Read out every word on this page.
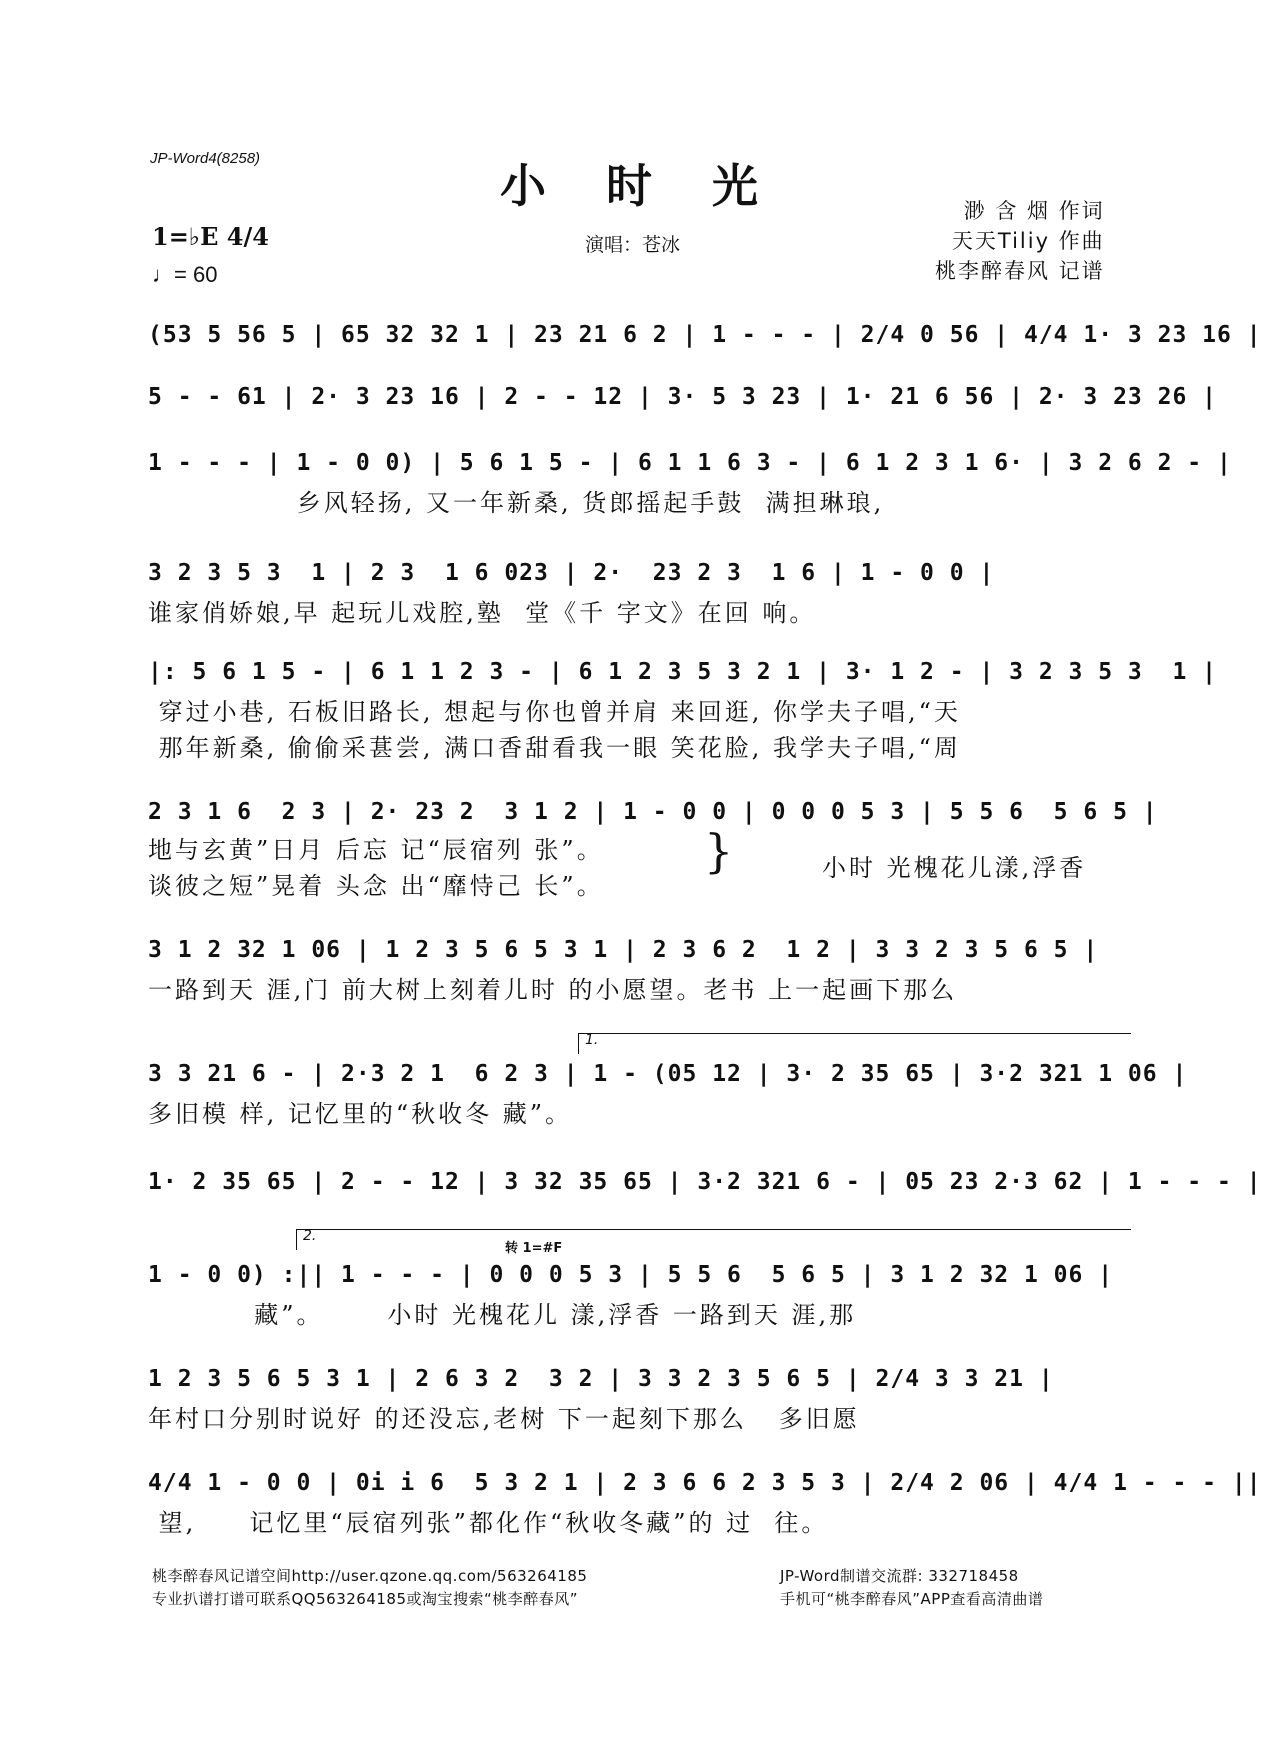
JP-Word4(8258)
小 时 光
1=♭E 4/4
♩= 60
演唱：苍冰
渺 含 烟 作词
天天Tiliy 作曲
桃李醉春风 记谱
(53 5 56 5 | 65 32 32 1 | 23 21 6 2 | 1 - - - | 2/4 0 56 | 4/4 1· 3 23 16 |
5 - - 61 | 2· 3 23 16 | 2 - - 12 | 3· 5 3 23 | 1· 21 6 56 | 2· 3 23 26 |
1 - - - | 1 - 0 0) | 5 6 1 5 - | 6 1 1 6 3 - | 6 1 2 3 1 6· | 3 2 6 2 - |
乡风轻扬, 又一年新桑, 货郎摇起手鼓  满担琳琅,
3 2 3 5 3  1 | 2 3  1 6 023 | 2·  23 2 3  1 6 | 1 - 0 0 |
谁家俏娇娘,早 起玩儿戏腔,塾  堂《千 字文》在回 响。
|: 5 6 1 5 - | 6 1 1 2 3 - | 6 1 2 3 5 3 2 1 | 3· 1 2 - | 3 2 3 5 3  1 |
穿过小巷, 石板旧路长, 想起与你也曾并肩 来回逛, 你学夫子唱,“天
那年新桑, 偷偷采葚尝, 满口香甜看我一眼 笑花脸, 我学夫子唱,“周
2 3 1 6  2 3 | 2· 23 2  3 1 2 | 1 - 0 0 | 0 0 0 5 3 | 5 5 6  5 6 5 |
地与玄黄”日月 后忘 记“辰宿列 张”。
谈彼之短”晃着 头念 出“靡恃己 长”。
}	小时 光槐花儿漾,浮香
3 1 2 32 1 06 | 1 2 3 5 6 5 3 1 | 2 3 6 2  1 2 | 3 3 2 3 5 6 5 |
一路到天 涯,门 前大树上刻着儿时 的小愿望。老书 上一起画下那么
1.
3 3 21 6 - | 2·3 2 1  6 2 3 | 1 - (05 12 | 3· 2 35 65 | 3·2 321 1 06 |
多旧模 样, 记忆里的“秋收冬 藏”。
1· 2 35 65 | 2 - - 12 | 3 32 35 65 | 3·2 321 6 - | 05 23 2·3 62 | 1 - - - |
2.
转 1=#F
1 - 0 0) :|| 1 - - - | 0 0 0 5 3 | 5 5 6  5 6 5 | 3 1 2 32 1 06 |
藏”。      小时 光槐花儿 漾,浮香 一路到天 涯,那
1 2 3 5 6 5 3 1 | 2 6 3 2  3 2 | 3 3 2 3 5 6 5 | 2/4 3 3 21 |
年村口分别时说好 的还没忘,老树 下一起刻下那么   多旧愿
4/4 1 - 0 0 | 0i i 6  5 3 2 1 | 2 3 6 6 2 3 5 3 | 2/4 2 06 | 4/4 1 - - - ||
望,     记忆里“辰宿列张”都化作“秋收冬藏”的 过  往。
桃李醉春风记谱空间http://user.qzone.qq.com/563264185
专业扒谱打谱可联系QQ563264185或淘宝搜索“桃李醉春风”
JP-Word制谱交流群: 332718458
手机可“桃李醉春风”APP查看高清曲谱
